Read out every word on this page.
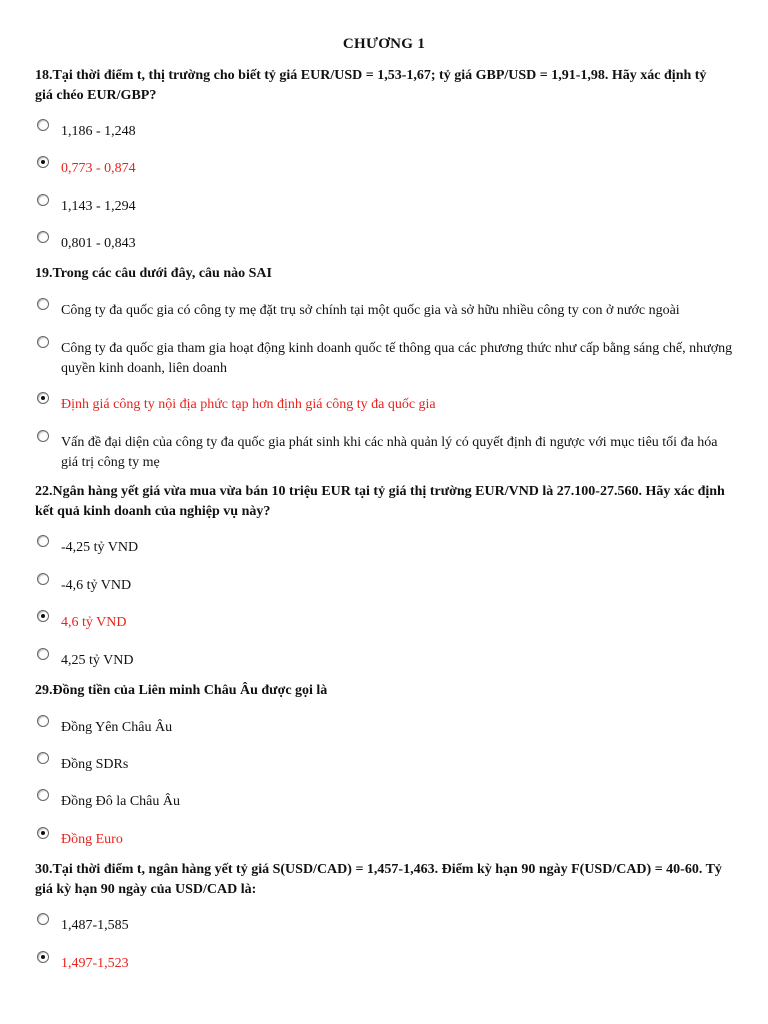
CHƯƠNG 1
18.Tại thời điểm t, thị trường cho biết tỷ giá EUR/USD = 1,53-1,67; tỷ giá GBP/USD = 1,91-1,98. Hãy xác định tỷ giá chéo EUR/GBP?
1,186 - 1,248
0,773 - 0,874
1,143 - 1,294
0,801 - 0,843
19.Trong các câu dưới đây, câu nào SAI
Công ty đa quốc gia có công ty mẹ đặt trụ sở chính tại một quốc gia và sở hữu nhiều công ty con ở nước ngoài
Công ty đa quốc gia tham gia hoạt động kinh doanh quốc tế thông qua các phương thức như cấp bằng sáng chế, nhượng quyền kinh doanh, liên doanh
Định giá công ty nội địa phức tạp hơn định giá công ty đa quốc gia
Vấn đề đại diện của công ty đa quốc gia phát sinh khi các nhà quản lý có quyết định đi ngược với mục tiêu tối đa hóa giá trị công ty mẹ
22.Ngân hàng yết giá vừa mua vừa bán 10 triệu EUR tại tỷ giá thị trường EUR/VND là 27.100-27.560. Hãy xác định kết quả kinh doanh của nghiệp vụ này?
-4,25 tỷ VND
-4,6 tỷ VND
4,6 tỷ VND
4,25 tỷ VND
29.Đồng tiền của Liên minh Châu Âu được gọi là
Đồng Yên Châu Âu
Đồng SDRs
Đồng Đô la Châu Âu
Đồng Euro
30.Tại thời điểm t, ngân hàng yết tỷ giá S(USD/CAD) = 1,457-1,463. Điểm kỳ hạn 90 ngày F(USD/CAD) = 40-60. Tỷ giá kỳ hạn 90 ngày của USD/CAD là:
1,487-1,585
1,497-1,523
